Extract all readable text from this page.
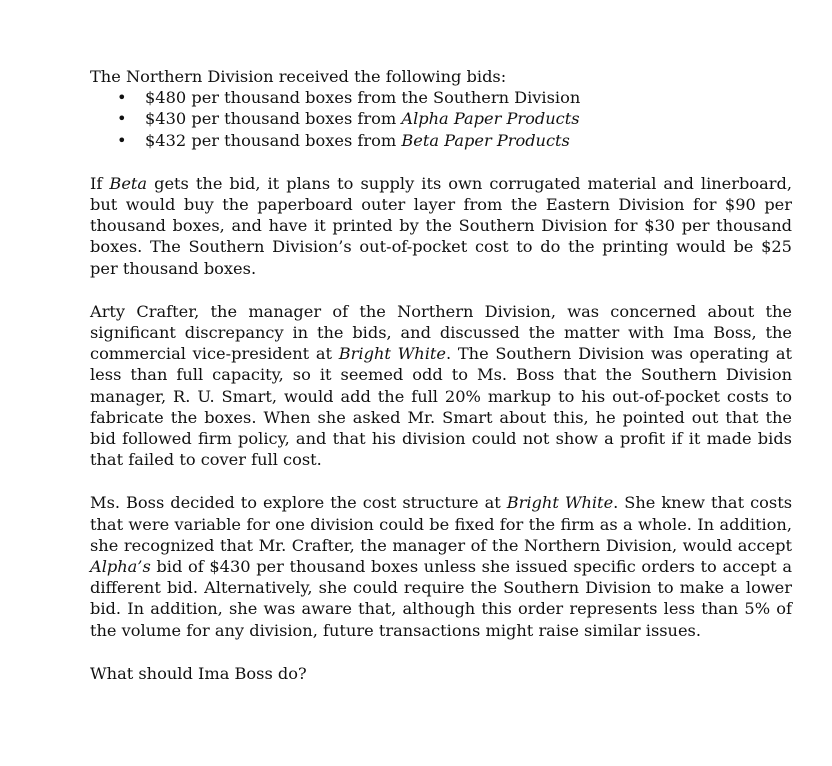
The Northern Division received the following bids:

• $480 per thousand boxes from the Southern Division
• $430 per thousand boxes from Alpha Paper Products
• $432 per thousand boxes from Beta Paper Products

If Beta gets the bid, it plans to supply its own corrugated material and linerboard, but would buy the paperboard outer layer from the Eastern Division for $90 per thousand boxes, and have it printed by the Southern Division for $30 per thousand boxes. The Southern Division’s out-of-pocket cost to do the printing would be $25 per thousand boxes.

Arty Crafter, the manager of the Northern Division, was concerned about the significant discrepancy in the bids, and discussed the matter with Ima Boss, the commercial vice-president at Bright White. The Southern Division was operating at less than full capacity, so it seemed odd to Ms. Boss that the Southern Division manager, R. U. Smart, would add the full 20% markup to his out-of-pocket costs to fabricate the boxes. When she asked Mr. Smart about this, he pointed out that the bid followed firm policy, and that his division could not show a profit if it made bids that failed to cover full cost.

Ms. Boss decided to explore the cost structure at Bright White. She knew that costs that were variable for one division could be fixed for the firm as a whole. In addition, she recognized that Mr. Crafter, the manager of the Northern Division, would accept Alpha’s bid of $430 per thousand boxes unless she issued specific orders to accept a different bid. Alternatively, she could require the Southern Division to make a lower bid. In addition, she was aware that, although this order represents less than 5% of the volume for any division, future transactions might raise similar issues.

What should Ima Boss do?
